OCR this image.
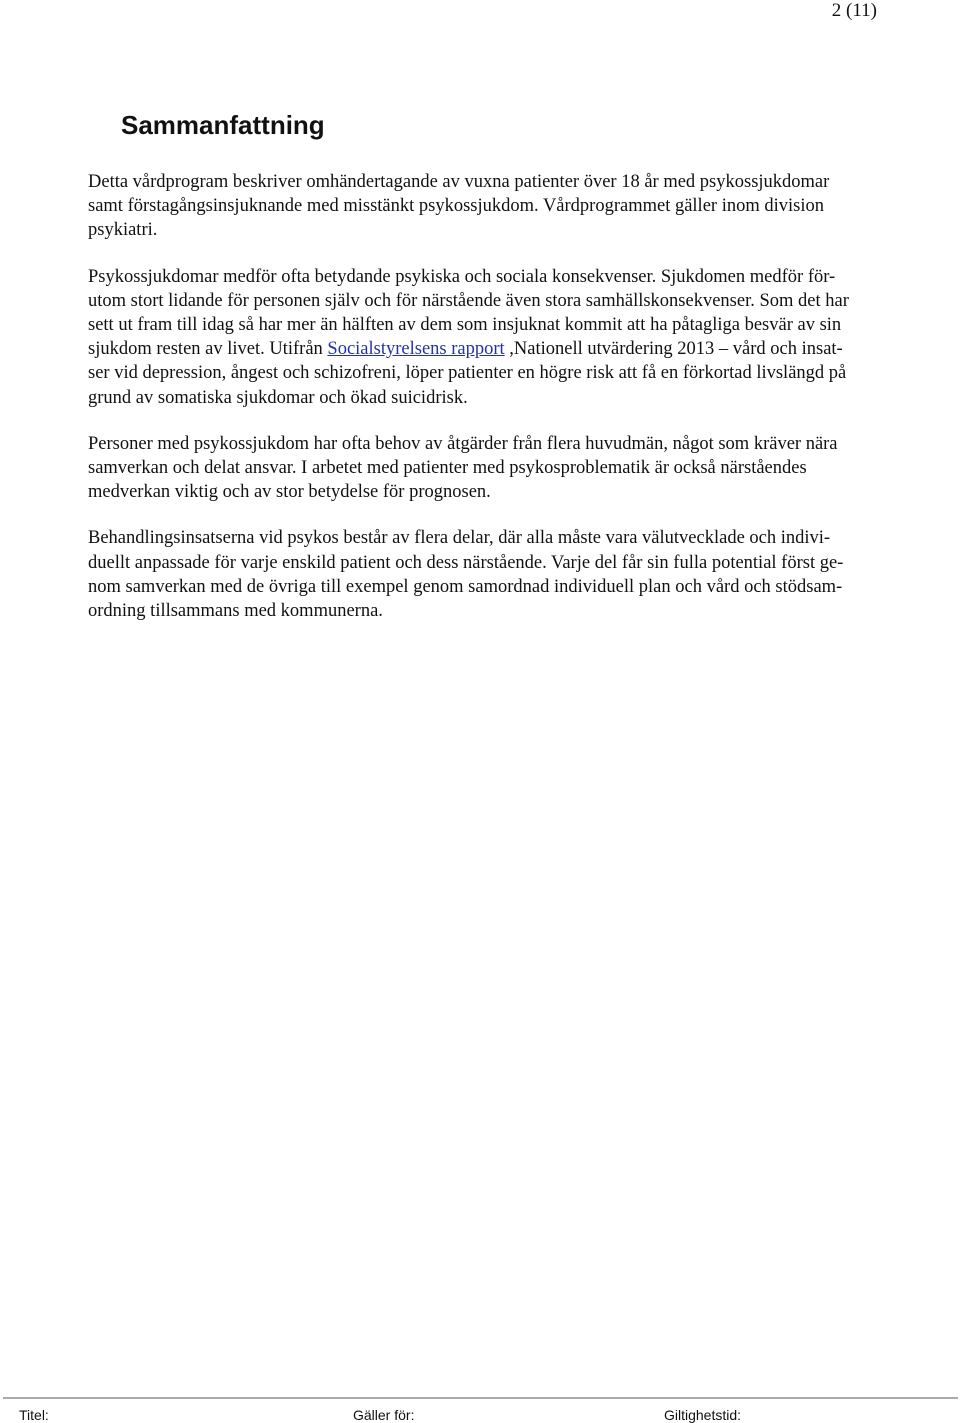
2 (11)
Sammanfattning

Detta vårdprogram beskriver omhändertagande av vuxna patienter över 18 år med psykossjukdomar
samt förstagångsinsjuknande med misstänkt psykossjukdom. Vårdprogrammet gäller inom division
psykiatri.

Psykossjukdomar medför ofta betydande psykiska och sociala konsekvenser. Sjukdomen medför för-
utom stort lidande för personen själv och för närstående även stora samhällskonsekvenser. Som det har
sett ut fram till idag så har mer än hälften av dem som insjuknat kommit att ha påtagliga besvär av sin
sjukdom resten av livet. Utifrån Socialstyrelsens rapport ,Nationell utvärdering 2013 – vård och insat-
ser vid depression, ångest och schizofreni, löper patienter en högre risk att få en förkortad livslängd på
grund av somatiska sjukdomar och ökad suicidrisk.

Personer med psykossjukdom har ofta behov av åtgärder från flera huvudmän, något som kräver nära
samverkan och delat ansvar. I arbetet med patienter med psykosproblematik är också närståendes
medverkan viktig och av stor betydelse för prognosen.

Behandlingsinsatserna vid psykos består av flera delar, där alla måste vara välutvecklade och indivi-
duellt anpassade för varje enskild patient och dess närstående. Varje del får sin fulla potential först ge-
nom samverkan med de övriga till exempel genom samordnad individuell plan och vård och stödsam-
ordning tillsammans med kommunerna.

Titel:	Gäller för:	Giltighetstid:
